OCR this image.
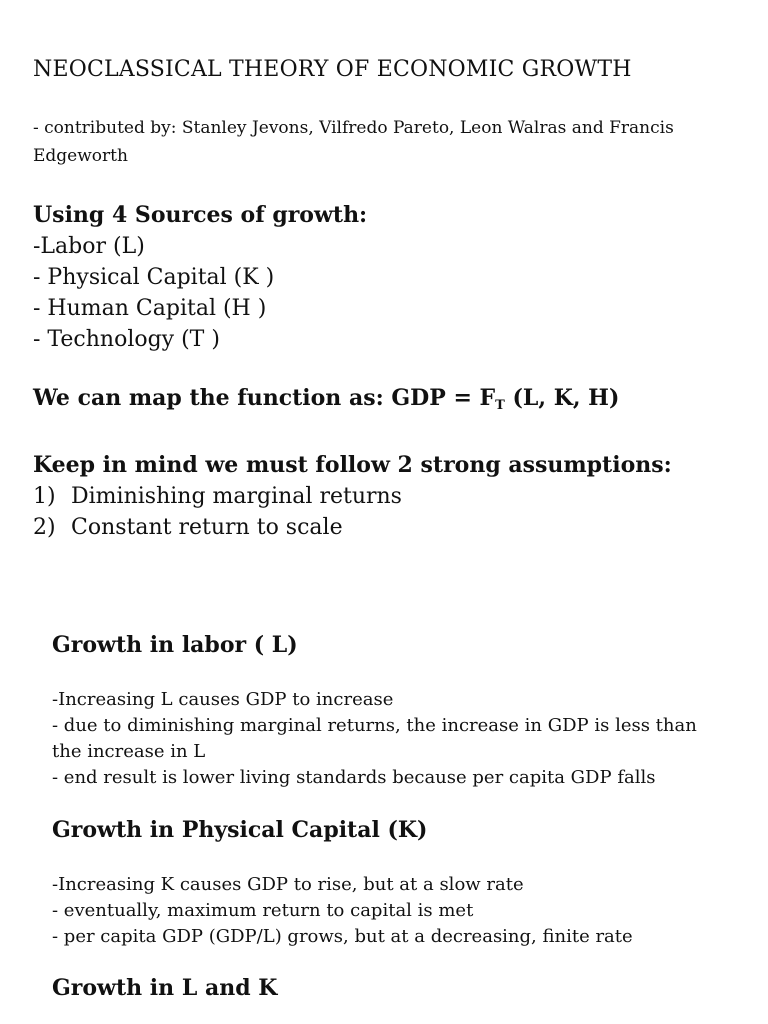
NEOCLASSICAL THEORY OF ECONOMIC GROWTH
- contributed by: Stanley Jevons, Vilfredo Pareto, Leon Walras and Francis Edgeworth
Using 4 Sources of growth:
-Labor (L)
- Physical Capital (K )
- Human Capital (H )
- Technology (T )
We can map the function as: GDP = $F_T$ (L, K, H)
Keep in mind we must follow 2 strong assumptions:
1) Diminishing marginal returns
2) Constant return to scale
Growth in labor ( L)
-Increasing L causes GDP to increase
- due to diminishing marginal returns, the increase in GDP is less than the increase in L
- end result is lower living standards because per capita GDP falls
Growth in Physical Capital (K)
-Increasing K causes GDP to rise, but at a slow rate
- eventually, maximum return to capital is met
- per capita GDP (GDP/L) grows, but at a decreasing, finite rate
Growth in L and K
